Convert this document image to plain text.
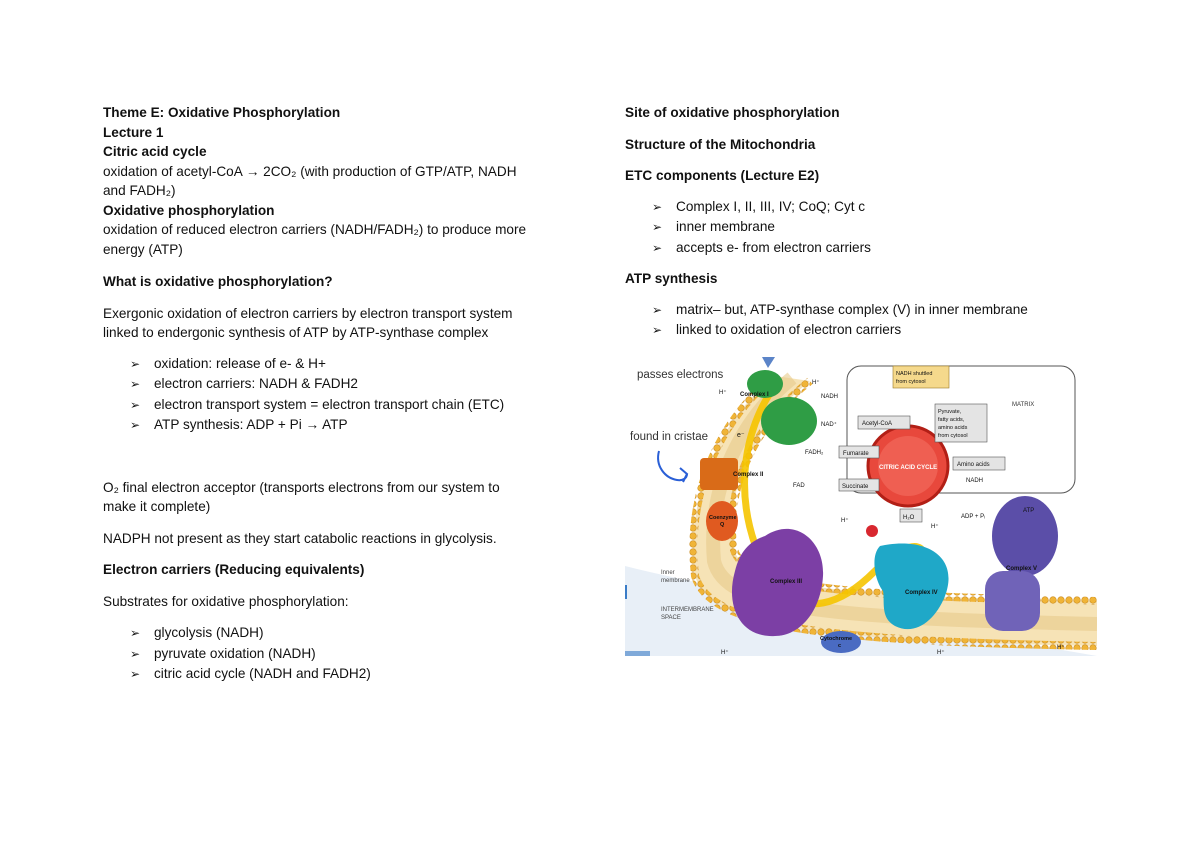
Theme E: Oxidative Phosphorylation

Lecture 1

Citric acid cycle

oxidation of acetyl-CoA → 2CO₂ (with production of GTP/ATP, NADH

and FADH₂)

Oxidative phosphorylation

oxidation of reduced electron carriers (NADH/FADH₂) to produce more

energy (ATP)

What is oxidative phosphorylation?

Exergonic oxidation of electron carriers by electron transport system

linked to endergonic synthesis of ATP by ATP-synthase complex

➢ oxidation: release of e- & H+
➢ electron carriers: NADH & FADH2
➢ electron transport system = electron transport chain (ETC)
➢ ATP synthesis: ADP + Pi → ATP

O₂ final electron acceptor (transports electrons from our system to

make it complete)

NADPH not present as they start catabolic reactions in glycolysis.

Electron carriers (Reducing equivalents)

Substrates for oxidative phosphorylation:

➢ glycolysis (NADH)
➢ pyruvate oxidation (NADH)
➢ citric acid cycle (NADH and FADH2)

Site of oxidative phosphorylation

Structure of the Mitochondria

ETC components (Lecture E2)

➢ Complex I, II, III, IV; CoQ; Cyt c
➢ inner membrane
➢ accepts e- from electron carriers

ATP synthesis

➢ matrix– but, ATP-synthase complex (V) in inner membrane
➢ linked to oxidation of electron carriers
passes electrons
found in cristae
Complex I
Complex II
Complex III
Complex IV
Complex V
Coenzyme
Q
Cytochrome
c
NADH shuttled
from cytosol
NADH
NAD⁺
FADH₂
FAD
Acetyl-CoA
Pyruvate,
fatty acids,
amino acids
from cytosol
Fumarate
Succinate
CITRIC ACID CYCLE	Amino acids
MATRIX
NADH
H₂O	ADP + Pᵢ
ATP
H⁺
H⁺
H⁺
H⁺
H⁺	H⁺
H⁺
e⁻
Inner
membrane
INTERMEMBRANE
SPACE
